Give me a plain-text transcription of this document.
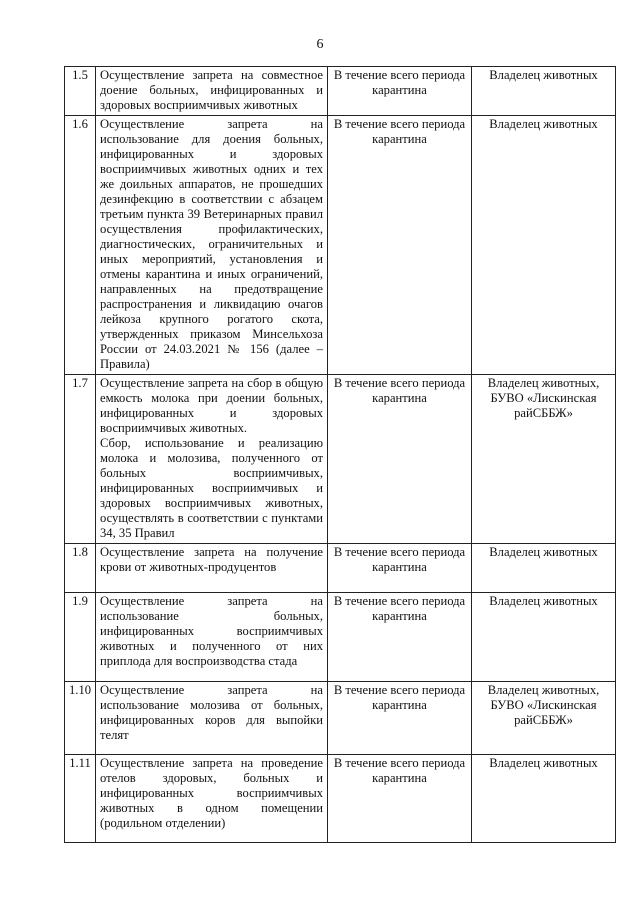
6
1.5	Осуществление запрета на совместное доение больных, инфицированных и здоровых восприимчивых животных	В течение всего периода карантина	Владелец животных
1.6	Осуществление запрета на использование для доения больных, инфицированных и здоровых восприимчивых животных одних и тех же доильных аппаратов, не прошедших дезинфекцию в соответствии с абзацем третьим пункта 39 Ветеринарных правил осуществления профилактических, диагностических, ограничительных и иных мероприятий, установления и отмены карантина и иных ограничений, направленных на предотвращение распространения и ликвидацию очагов лейкоза крупного рогатого скота, утвержденных приказом Минсельхоза России от 24.03.2021 № 156 (далее – Правила)	В течение всего периода карантина	Владелец животных
1.7	Осуществление запрета на сбор в общую емкость молока при доении больных, инфицированных и здоровых восприимчивых животных.
Сбор, использование и реализацию молока и молозива, полученного от больных восприимчивых, инфицированных восприимчивых и здоровых восприимчивых животных, осуществлять в соответствии с пунктами 34, 35 Правил	В течение всего периода карантина	Владелец животных, БУВО «Лискинская райСББЖ»
1.8	Осуществление запрета на получение крови от животных-продуцентов	В течение всего периода карантина	Владелец животных
1.9	Осуществление запрета на использование больных, инфицированных восприимчивых животных и полученного от них приплода для воспроизводства стада	В течение всего периода карантина	Владелец животных
1.10	Осуществление запрета на использование молозива от больных, инфицированных коров для выпойки телят	В течение всего периода карантина	Владелец животных, БУВО «Лискинская райСББЖ»
1.11	Осуществление запрета на проведение отелов здоровых, больных и инфицированных восприимчивых животных в одном помещении (родильном отделении)	В течение всего периода карантина	Владелец животных
